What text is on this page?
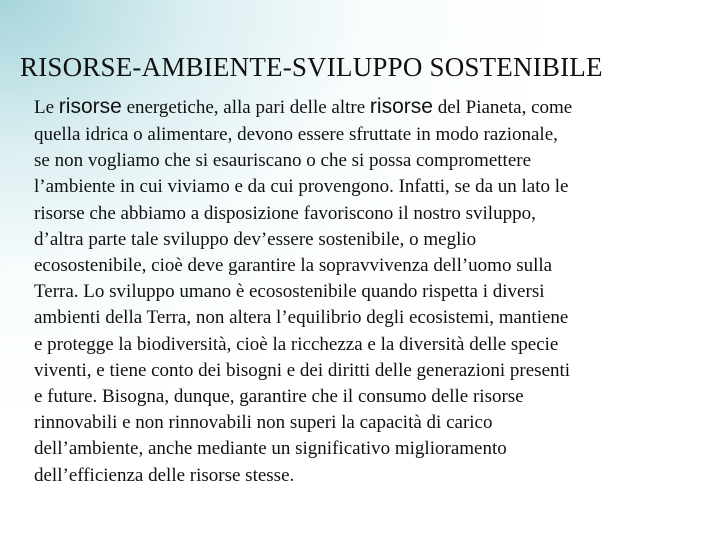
RISORSE-AMBIENTE-SVILUPPO SOSTENIBILE
Le risorse energetiche, alla pari delle altre risorse del Pianeta, come
quella idrica o alimentare, devono essere sfruttate in modo razionale,
se non vogliamo che si esauriscano o che si possa compromettere
l’ambiente in cui viviamo e da cui provengono. Infatti, se da un lato le
risorse che abbiamo a disposizione favoriscono il nostro sviluppo,
d’altra parte tale sviluppo dev’essere sostenibile, o meglio
ecosostenibile, cioè deve garantire la sopravvivenza dell’uomo sulla
Terra. Lo sviluppo umano è ecosostenibile quando rispetta i diversi
ambienti della Terra, non altera l’equilibrio degli ecosistemi, mantiene
e protegge la biodiversità, cioè la ricchezza e la diversità delle specie
viventi, e tiene conto dei bisogni e dei diritti delle generazioni presenti
e future. Bisogna, dunque, garantire che il consumo delle risorse
rinnovabili e non rinnovabili non superi la capacità di carico
dell’ambiente, anche mediante un significativo miglioramento
dell’efficienza delle risorse stesse.
